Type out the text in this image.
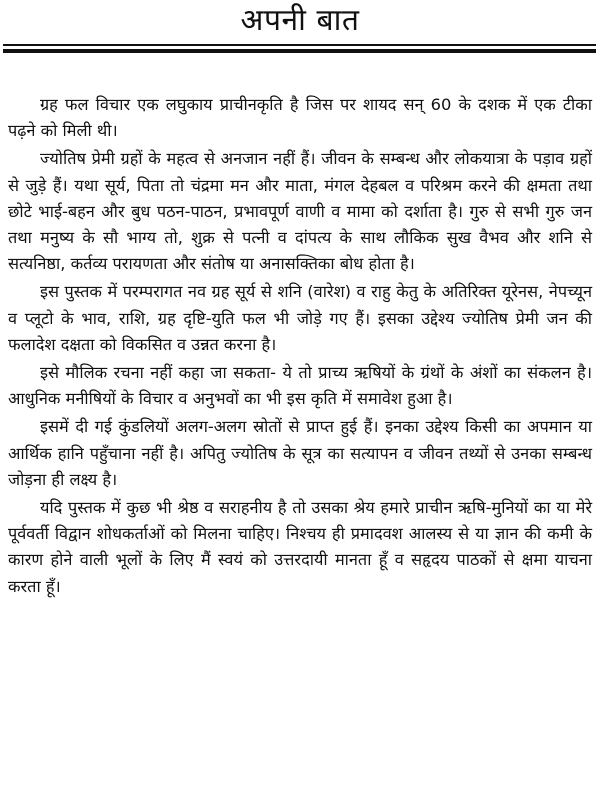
अपनी बात

ग्रह फल विचार एक लघुकाय प्राचीनकृति है जिस पर शायद सन् 60 के दशक में एक टीका पढ़ने को मिली थी।

ज्योतिष प्रेमी ग्रहों के महत्व से अनजान नहीं हैं। जीवन के सम्बन्ध और लोकयात्रा के पड़ाव ग्रहों से जुड़े हैं। यथा सूर्य, पिता तो चंद्रमा मन और माता, मंगल देहबल व परिश्रम करने की क्षमता तथा छोटे भाई-बहन और बुध पठन-पाठन, प्रभावपूर्ण वाणी व मामा को दर्शाता है। गुरु से सभी गुरु जन तथा मनुष्य के सौ भाग्य तो, शुक्र से पत्नी व दांपत्य के साथ लौकिक सुख वैभव और शनि से सत्यनिष्ठा, कर्तव्य परायणता और संतोष या अनासक्तिका बोध होता है।

इस पुस्तक में परम्परागत नव ग्रह सूर्य से शनि (वारेश) व राहु केतु के अतिरिक्त यूरेनस, नेपच्यून व प्लूटो के भाव, राशि, ग्रह दृष्टि-युति फल भी जोड़े गए हैं। इसका उद्देश्य ज्योतिष प्रेमी जन की फलादेश दक्षता को विकसित व उन्नत करना है।

इसे मौलिक रचना नहीं कहा जा सकता- ये तो प्राच्य ऋषियों के ग्रंथों के अंशों का संकलन है। आधुनिक मनीषियों के विचार व अनुभवों का भी इस कृति में समावेश हुआ है।

इसमें दी गई कुंडलियों अलग-अलग स्रोतों से प्राप्त हुई हैं। इनका उद्देश्य किसी का अपमान या आर्थिक हानि पहुँचाना नहीं है। अपितु ज्योतिष के सूत्र का सत्यापन व जीवन तथ्यों से उनका सम्बन्ध जोड़ना ही लक्ष्य है।

यदि पुस्तक में कुछ भी श्रेष्ठ व सराहनीय है तो उसका श्रेय हमारे प्राचीन ऋषि-मुनियों का या मेरे पूर्ववर्ती विद्वान शोधकर्ताओं को मिलना चाहिए। निश्चय ही प्रमादवश आलस्य से या ज्ञान की कमी के कारण होने वाली भूलों के लिए मैं स्वयं को उत्तरदायी मानता हूँ व सहृदय पाठकों से क्षमा याचना करता हूँ।
